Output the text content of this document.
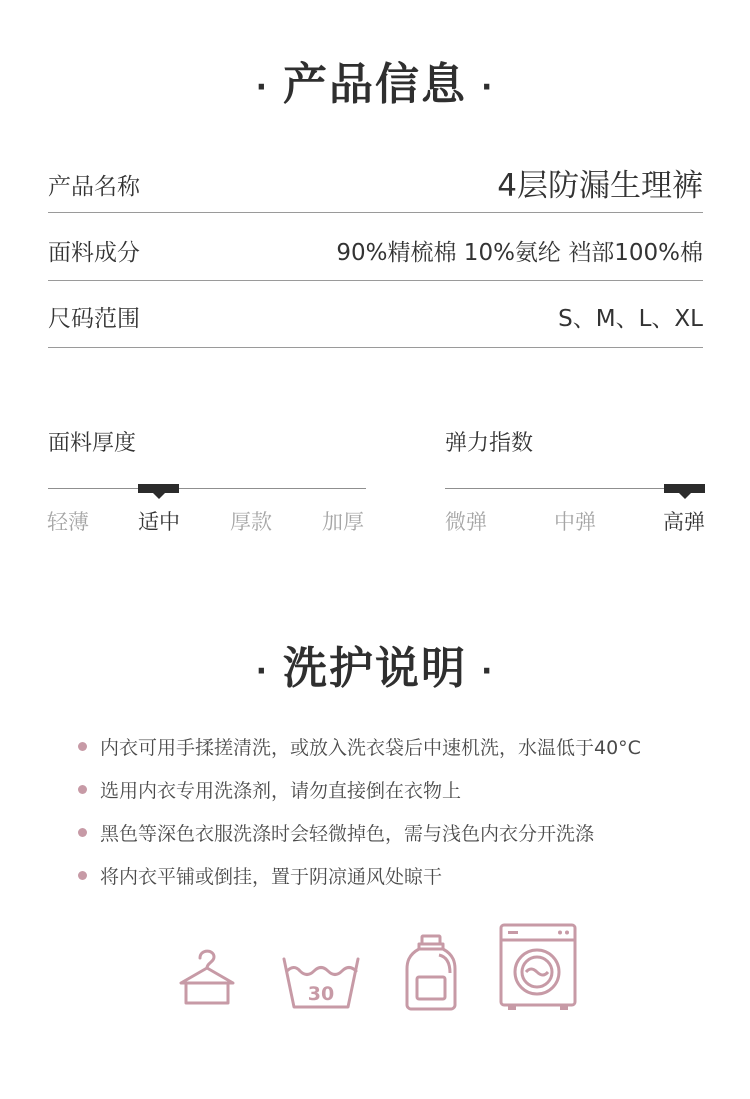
· 产品信息 ·
产品名称	4层防漏生理裤
面料成分	90%精梳棉 10%氨纶 裆部100%棉
尺码范围	S、M、L、XL
面料厚度
轻薄 适中 厚款 加厚
弹力指数
微弹	中弹	高弹
· 洗护说明 ·
内衣可用手揉搓清洗，或放入洗衣袋后中速机洗，水温低于40°C
选用内衣专用洗涤剂，请勿直接倒在衣物上
黑色等深色衣服洗涤时会轻微掉色，需与浅色内衣分开洗涤
将内衣平铺或倒挂，置于阴凉通风处晾干
30
